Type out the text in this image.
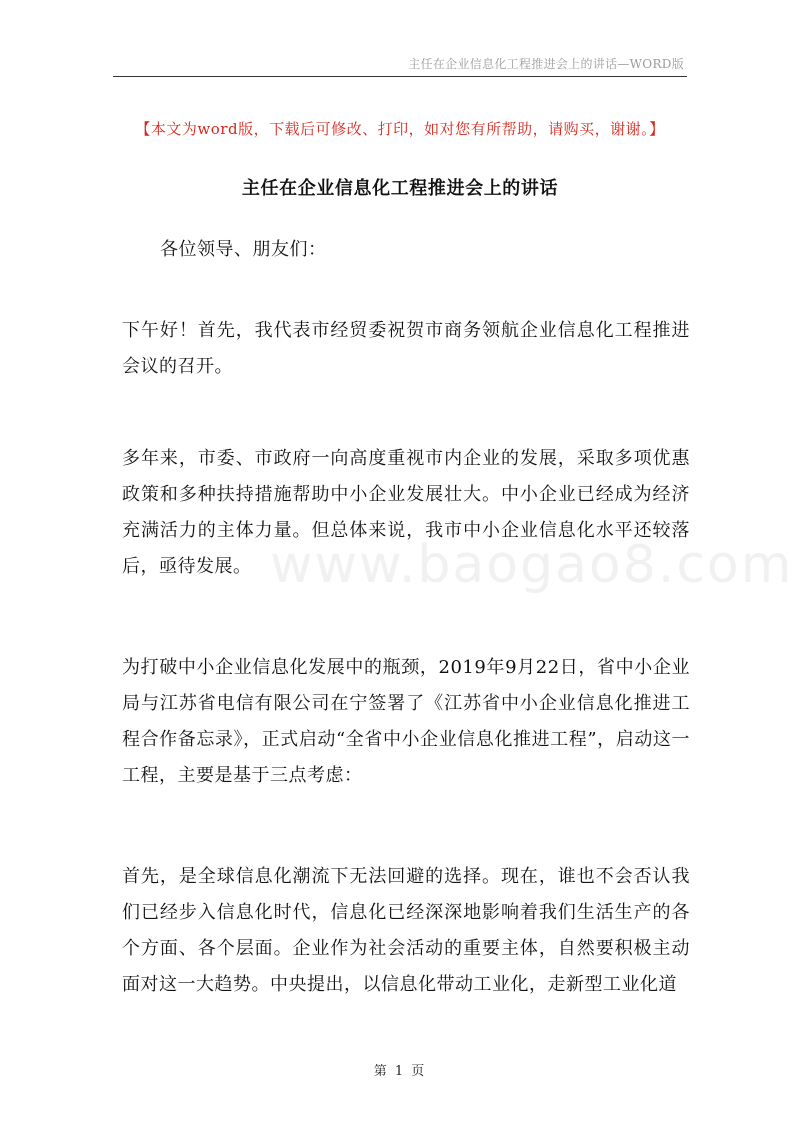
主任在企业信息化工程推进会上的讲话—WORD版
【本文为word版，下载后可修改、打印，如对您有所帮助，请购买，谢谢。】
主任在企业信息化工程推进会上的讲话
www.baogao8.com
各位领导、朋友们：
下午好！首先，我代表市经贸委祝贺市商务领航企业信息化工程推进会议的召开。
多年来，市委、市政府一向高度重视市内企业的发展，采取多项优惠政策和多种扶持措施帮助中小企业发展壮大。中小企业已经成为经济充满活力的主体力量。但总体来说，我市中小企业信息化水平还较落后，亟待发展。
为打破中小企业信息化发展中的瓶颈，2019年9月22日，省中小企业局与江苏省电信有限公司在宁签署了《江苏省中小企业信息化推进工程合作备忘录》，正式启动“全省中小企业信息化推进工程”，启动这一工程，主要是基于三点考虑：
首先，是全球信息化潮流下无法回避的选择。现在，谁也不会否认我们已经步入信息化时代，信息化已经深深地影响着我们生活生产的各个方面、各个层面。企业作为社会活动的重要主体，自然要积极主动面对这一大趋势。中央提出，以信息化带动工业化，走新型工业化道
第 1 页
